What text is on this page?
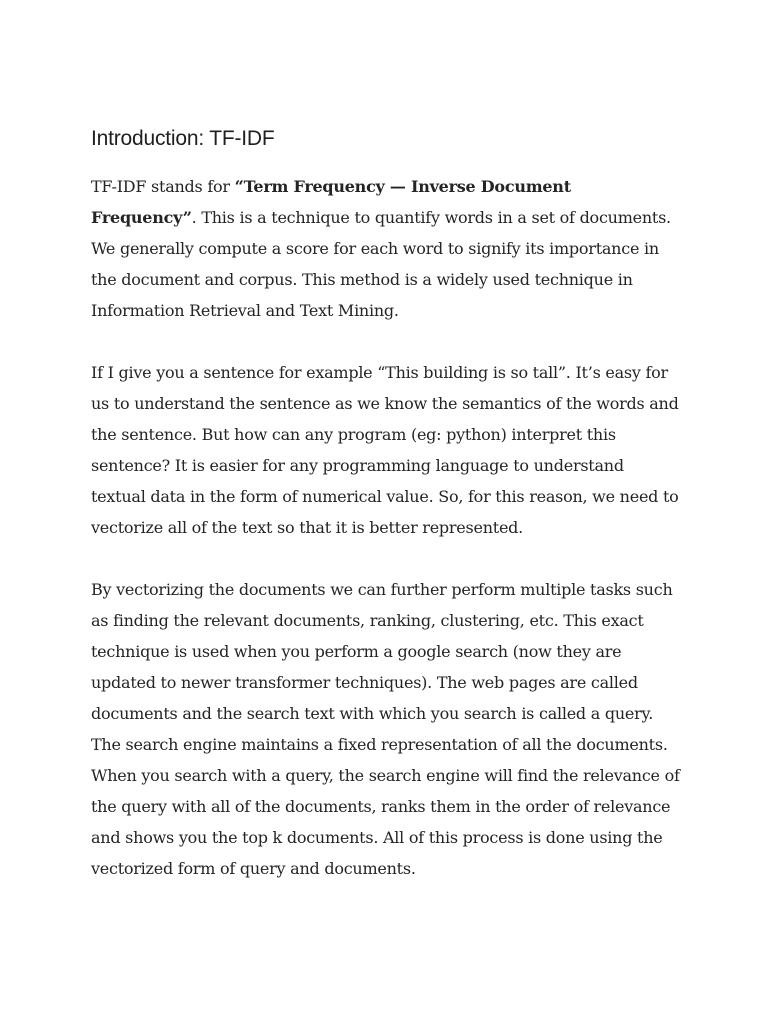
Introduction: TF-IDF

TF-IDF stands for “Term Frequency — Inverse Document Frequency”. This is a technique to quantify words in a set of documents. We generally compute a score for each word to signify its importance in the document and corpus. This method is a widely used technique in Information Retrieval and Text Mining.

If I give you a sentence for example “This building is so tall”. It’s easy for us to understand the sentence as we know the semantics of the words and the sentence. But how can any program (eg: python) interpret this sentence? It is easier for any programming language to understand textual data in the form of numerical value. So, for this reason, we need to vectorize all of the text so that it is better represented.

By vectorizing the documents we can further perform multiple tasks such as finding the relevant documents, ranking, clustering, etc. This exact technique is used when you perform a google search (now they are updated to newer transformer techniques). The web pages are called documents and the search text with which you search is called a query. The search engine maintains a fixed representation of all the documents. When you search with a query, the search engine will find the relevance of the query with all of the documents, ranks them in the order of relevance and shows you the top k documents. All of this process is done using the vectorized form of query and documents.
